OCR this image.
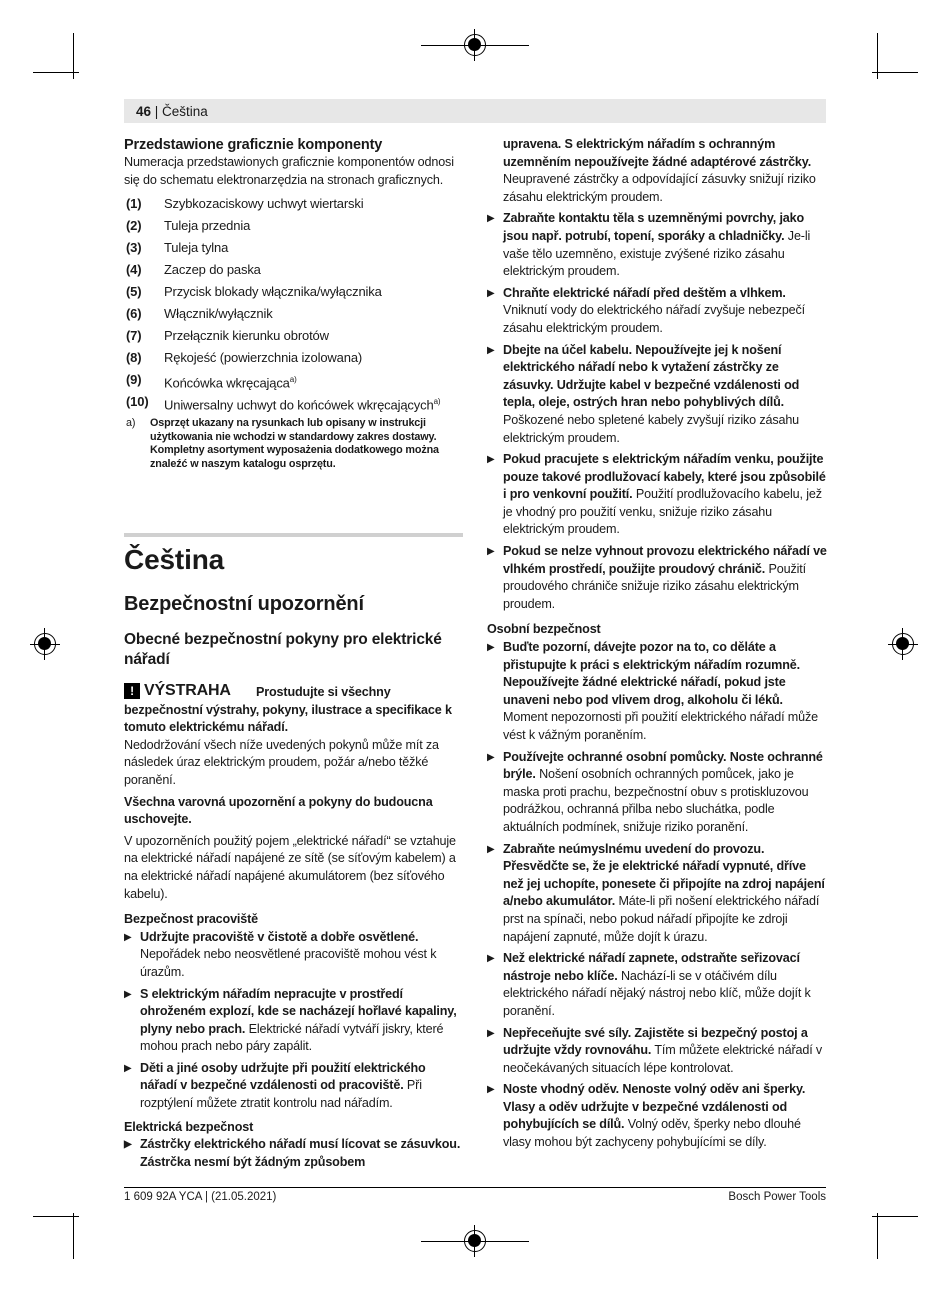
46 | Čeština

Przedstawione graficznie komponenty

Numeracja przedstawionych graficznie komponentów odnosi się do schematu elektronarzędzia na stronach graficznych.

(1) Szybkozaciskowy uchwyt wiertarski
(2) Tuleja przednia
(3) Tuleja tylna
(4) Zaczep do paska
(5) Przycisk blokady włącznika/wyłącznika
(6) Włącznik/wyłącznik
(7) Przełącznik kierunku obrotów
(8) Rękojeść (powierzchnia izolowana)
(9) Końcówka wkręcająca$^{a)}$
(10) Uniwersalny uchwyt do końcówek wkręcających$^{a)}$
a) Osprzęt ukazany na rysunkach lub opisany w instrukcji użytkowania nie wchodzi w standardowy zakres dostawy. Kompletny asortyment wyposażenia dodatkowego można znaleźć w naszym katalogu osprzętu.

Čeština

Bezpečnostní upozornění

Obecné bezpečnostní pokyny pro elektrické nářadí

! VÝSTRAHA	Prostudujte si všechny bezpečnostní výstrahy, pokyny, ilustrace a specifikace k tomuto elektrickému nářadí.

Nedodržování všech níže uvedených pokynů může mít za následek úraz elektrickým proudem, požár a/nebo těžké poranění.

Všechna varovná upozornění a pokyny do budoucna uschovejte.

V upozorněních použitý pojem „elektrické nářadí“ se vztahuje na elektrické nářadí napájené ze sítě (se síťovým kabelem) a na elektrické nářadí napájené akumulátorem (bez síťového kabelu).

Bezpečnost pracoviště

▶ Udržujte pracoviště v čistotě a dobře osvětlené. Nepořádek nebo neosvětlené pracoviště mohou vést k úrazům.
▶ S elektrickým nářadím nepracujte v prostředí ohroženém explozí, kde se nacházejí hořlavé kapaliny, plyny nebo prach. Elektrické nářadí vytváří jiskry, které mohou prach nebo páry zapálit.
▶ Děti a jiné osoby udržujte při použití elektrického nářadí v bezpečné vzdálenosti od pracoviště. Při rozptýlení můžete ztratit kontrolu nad nářadím.

Elektrická bezpečnost

▶ Zástrčky elektrického nářadí musí lícovat se zásuvkou. Zástrčka nesmí být žádným způsobem
upravena. S elektrickým nářadím s ochranným uzemněním nepoužívejte žádné adaptérové zástrčky. Neupravené zástrčky a odpovídající zásuvky snižují riziko zásahu elektrickým proudem.
▶ Zabraňte kontaktu těla s uzemněnými povrchy, jako jsou např. potrubí, topení, sporáky a chladničky. Je-li vaše tělo uzemněno, existuje zvýšené riziko zásahu elektrickým proudem.
▶ Chraňte elektrické nářadí před deštěm a vlhkem. Vniknutí vody do elektrického nářadí zvyšuje nebezpečí zásahu elektrickým proudem.
▶ Dbejte na účel kabelu. Nepoužívejte jej k nošení elektrického nářadí nebo k vytažení zástrčky ze zásuvky. Udržujte kabel v bezpečné vzdálenosti od tepla, oleje, ostrých hran nebo pohyblivých dílů. Poškozené nebo spletené kabely zvyšují riziko zásahu elektrickým proudem.
▶ Pokud pracujete s elektrickým nářadím venku, použijte pouze takové prodlužovací kabely, které jsou způsobilé i pro venkovní použití. Použití prodlužovacího kabelu, jež je vhodný pro použití venku, snižuje riziko zásahu elektrickým proudem.
▶ Pokud se nelze vyhnout provozu elektrického nářadí ve vlhkém prostředí, použijte proudový chránič. Použití proudového chrániče snižuje riziko zásahu elektrickým proudem.

Osobní bezpečnost

▶ Buďte pozorní, dávejte pozor na to, co děláte a přistupujte k práci s elektrickým nářadím rozumně. Nepoužívejte žádné elektrické nářadí, pokud jste unaveni nebo pod vlivem drog, alkoholu či léků. Moment nepozornosti při použití elektrického nářadí může vést k vážným poraněním.
▶ Používejte ochranné osobní pomůcky. Noste ochranné brýle. Nošení osobních ochranných pomůcek, jako je maska proti prachu, bezpečnostní obuv s protiskluzovou podrážkou, ochranná přilba nebo sluchátka, podle aktuálních podmínek, snižuje riziko poranění.
▶ Zabraňte neúmyslnému uvedení do provozu. Přesvědčte se, že je elektrické nářadí vypnuté, dříve než jej uchopíte, ponesete či připojíte na zdroj napájení a/nebo akumulátor. Máte-li při nošení elektrického nářadí prst na spínači, nebo pokud nářadí připojíte ke zdroji napájení zapnuté, může dojít k úrazu.
▶ Než elektrické nářadí zapnete, odstraňte seřizovací nástroje nebo klíče. Nachází-li se v otáčivém dílu elektrického nářadí nějaký nástroj nebo klíč, může dojít k poranění.
▶ Nepřeceňujte své síly. Zajistěte si bezpečný postoj a udržujte vždy rovnováhu. Tím můžete elektrické nářadí v neočekávaných situacích lépe kontrolovat.
▶ Noste vhodný oděv. Nenoste volný oděv ani šperky. Vlasy a oděv udržujte v bezpečné vzdálenosti od pohybujících se dílů. Volný oděv, šperky nebo dlouhé vlasy mohou být zachyceny pohybujícími se díly.
1 609 92A YCA | (21.05.2021)	Bosch Power Tools
